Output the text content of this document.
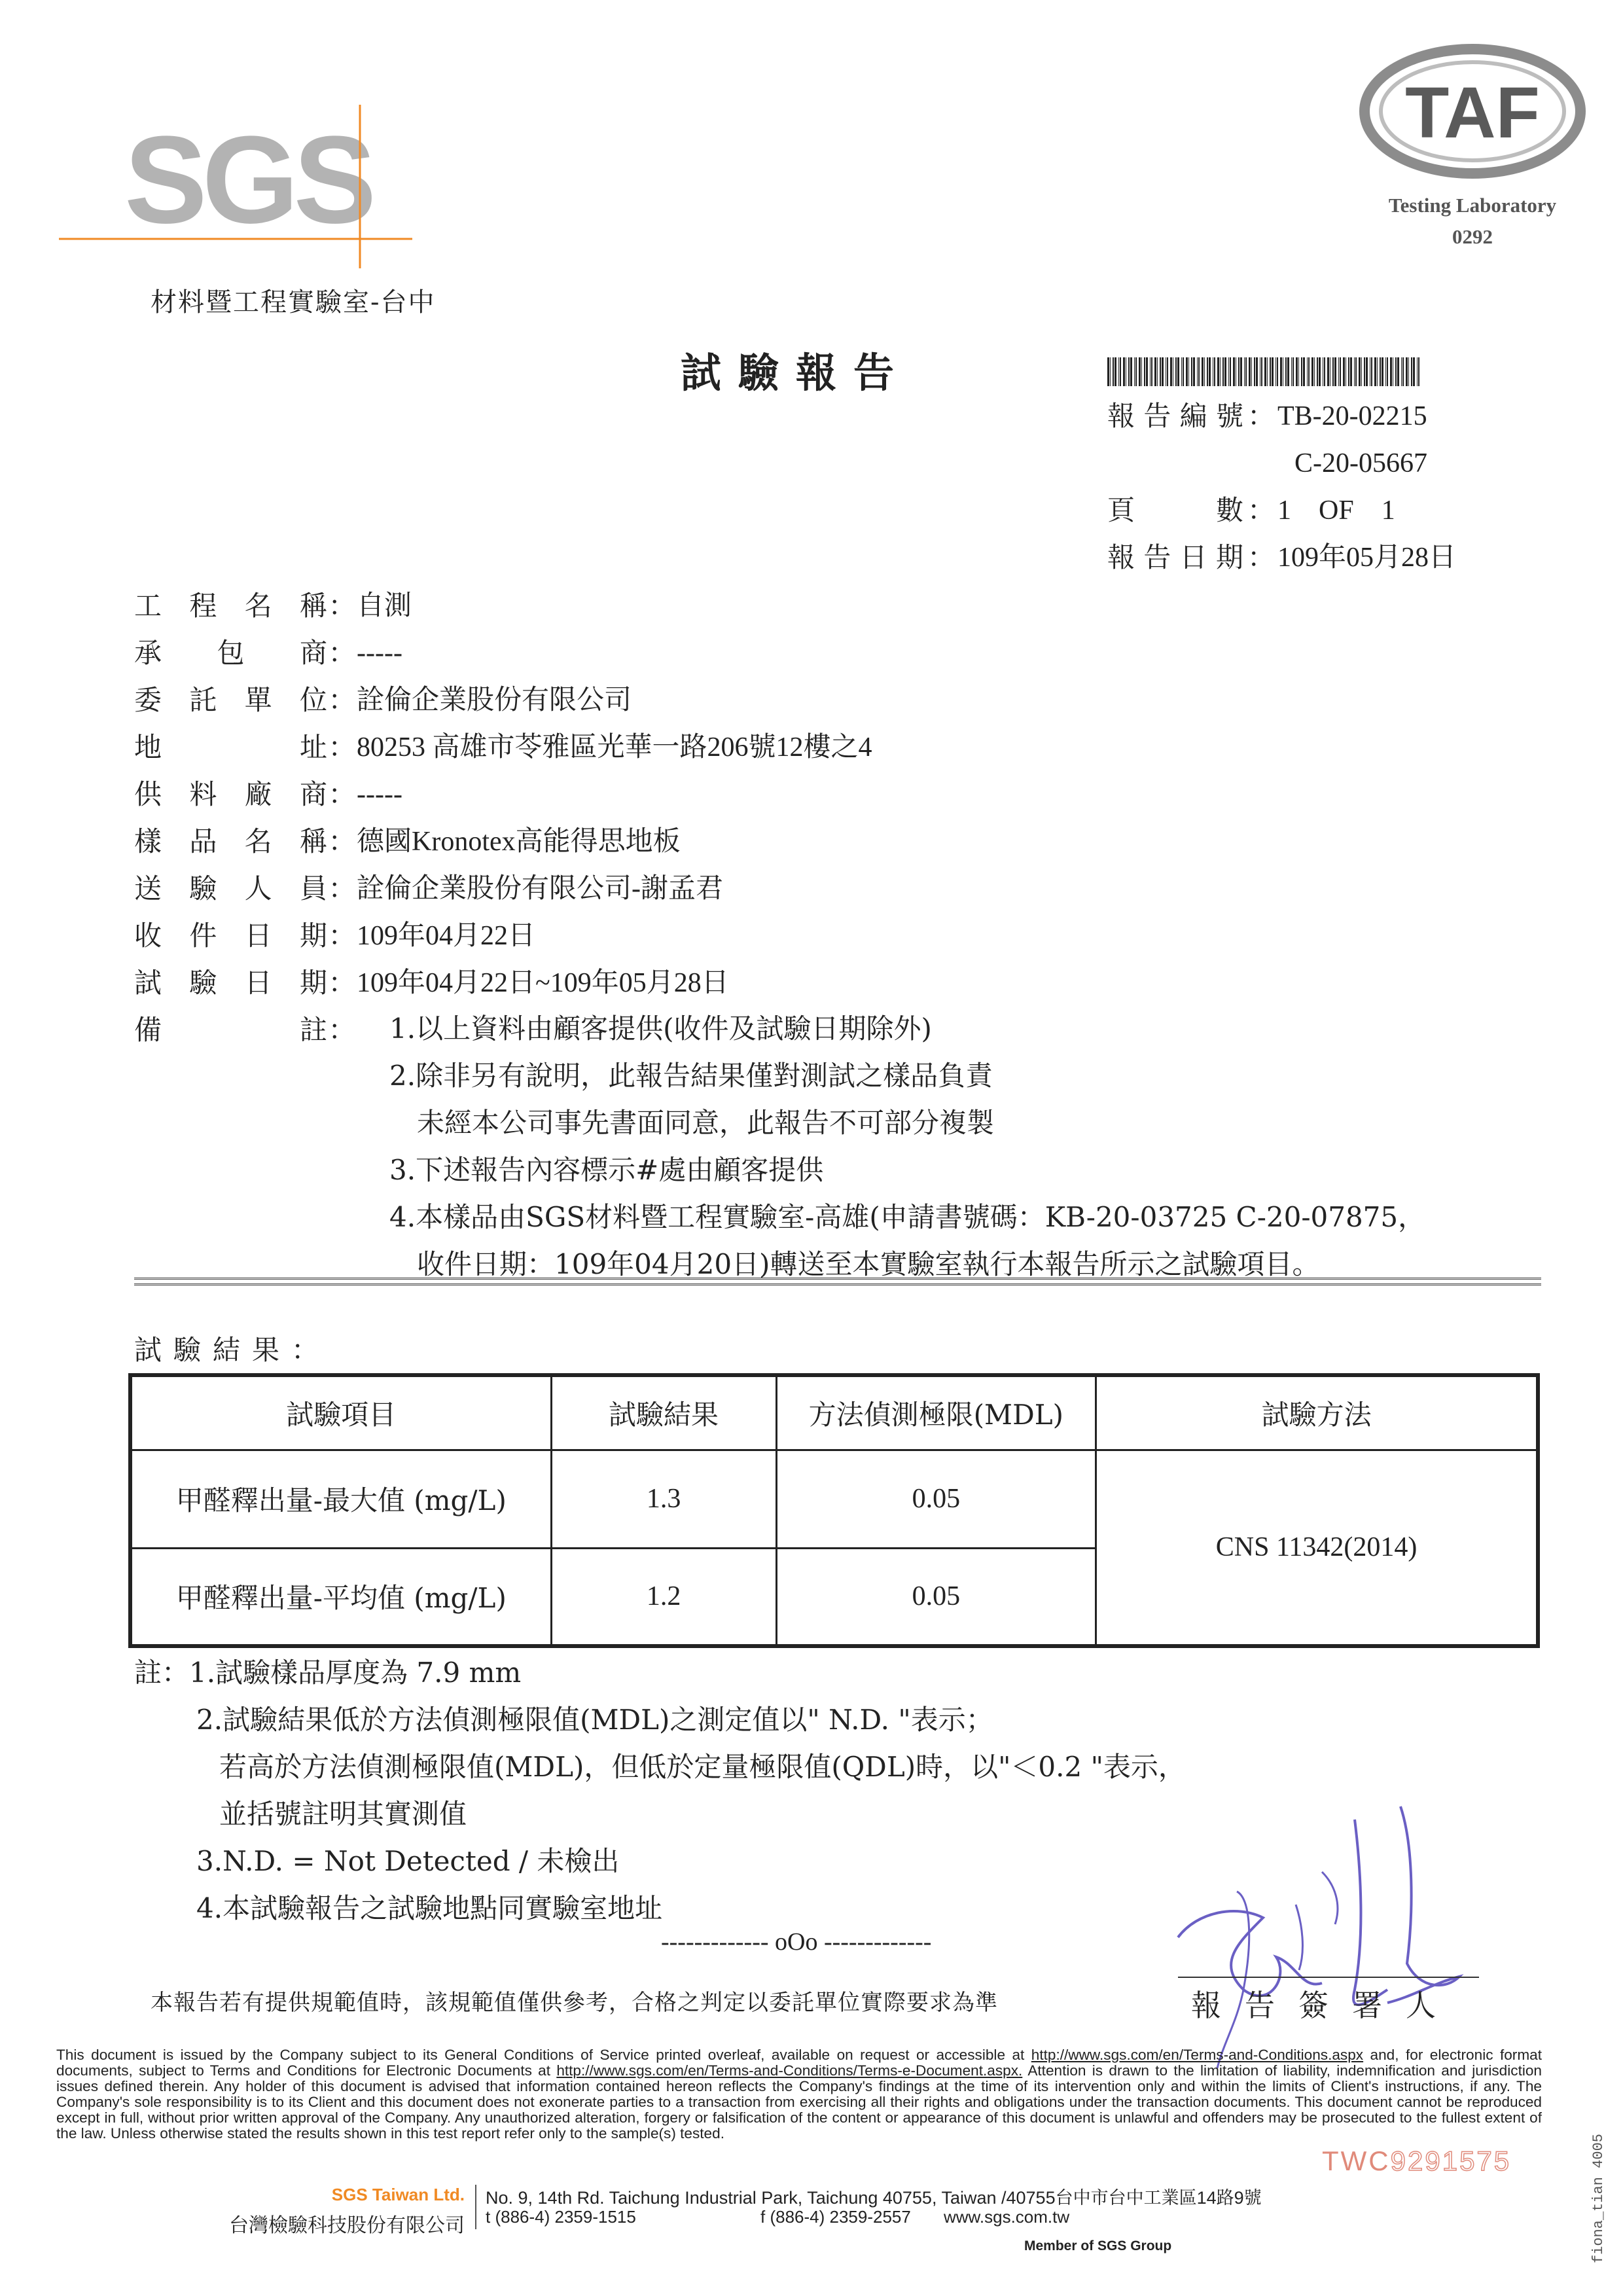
SGS
材料暨工程實驗室-台中
TAF
Testing Laboratory
0292
試驗報告
報告編號 ： TB-20-02215
C-20-05667
頁數 ： 1    OF    1
報告日期 ： 109年05月28日
工程名稱 ： 自測
承包商 ： -----
委託單位 ： 詮倫企業股份有限公司
地址 ： 80253 高雄市苓雅區光華一路206號12樓之4
供料廠商 ： -----
樣品名稱 ： 德國Kronotex高能得思地板
送驗人員 ： 詮倫企業股份有限公司-謝孟君
收件日期 ： 109年04月22日
試驗日期 ： 109年04月22日~109年05月28日
備註 ： 1.以上資料由顧客提供(收件及試驗日期除外)
2.除非另有說明，此報告結果僅對測試之樣品負責
未經本公司事先書面同意，此報告不可部分複製
3.下述報告內容標示#處由顧客提供
4.本樣品由SGS材料暨工程實驗室-高雄(申請書號碼：KB-20-03725 C-20-07875，
收件日期：109年04月20日)轉送至本實驗室執行本報告所示之試驗項目。
試驗結果：
試驗項目	試驗結果	方法偵測極限(MDL)	試驗方法
甲醛釋出量-最大值 (mg/L)	1.3	0.05	CNS 11342(2014)
甲醛釋出量-平均值 (mg/L)	1.2	0.05	
註：1.試驗樣品厚度為 7.9 mm
2.試驗結果低於方法偵測極限值(MDL)之測定值以" N.D. "表示；
若高於方法偵測極限值(MDL)，但低於定量極限值(QDL)時，以"＜0.2 "表示，
並括號註明其實測值
3.N.D. = Not Detected / 未檢出
4.本試驗報告之試驗地點同實驗室地址
------------- oOo -------------
本報告若有提供規範值時，該規範值僅供參考，合格之判定以委託單位實際要求為準	報告簽署人
This document is issued by the Company subject to its General Conditions of Service printed overleaf, available on request or accessible at http://www.sgs.com/en/Terms-and-Conditions.aspx and, for electronic format documents, subject to Terms and Conditions for Electronic Documents at http://www.sgs.com/en/Terms-and-Conditions/Terms-e-Document.aspx. Attention is drawn to the limitation of liability, indemnification and jurisdiction issues defined therein. Any holder of this document is advised that information contained hereon reflects the Company's findings at the time of its intervention only and within the limits of Client's instructions, if any. The Company's sole responsibility is to its Client and this document does not exonerate parties to a transaction from exercising all their rights and obligations under the transaction documents. This document cannot be reproduced except in full, without prior written approval of the Company. Any unauthorized alteration, forgery or falsification of the content or appearance of this document is unlawful and offenders may be prosecuted to the fullest extent of the law. Unless otherwise stated the results shown in this test report refer only to the sample(s) tested.
TWC9291575
SGS Taiwan Ltd.
台灣檢驗科技股份有限公司
No. 9, 14th Rd. Taichung Industrial Park, Taichung 40755, Taiwan /40755台中市台中工業區14路9號
t (886-4) 2359-1515	f (886-4) 2359-2557 www.sgs.com.tw
Member of SGS Group	fiona_tian 4005
